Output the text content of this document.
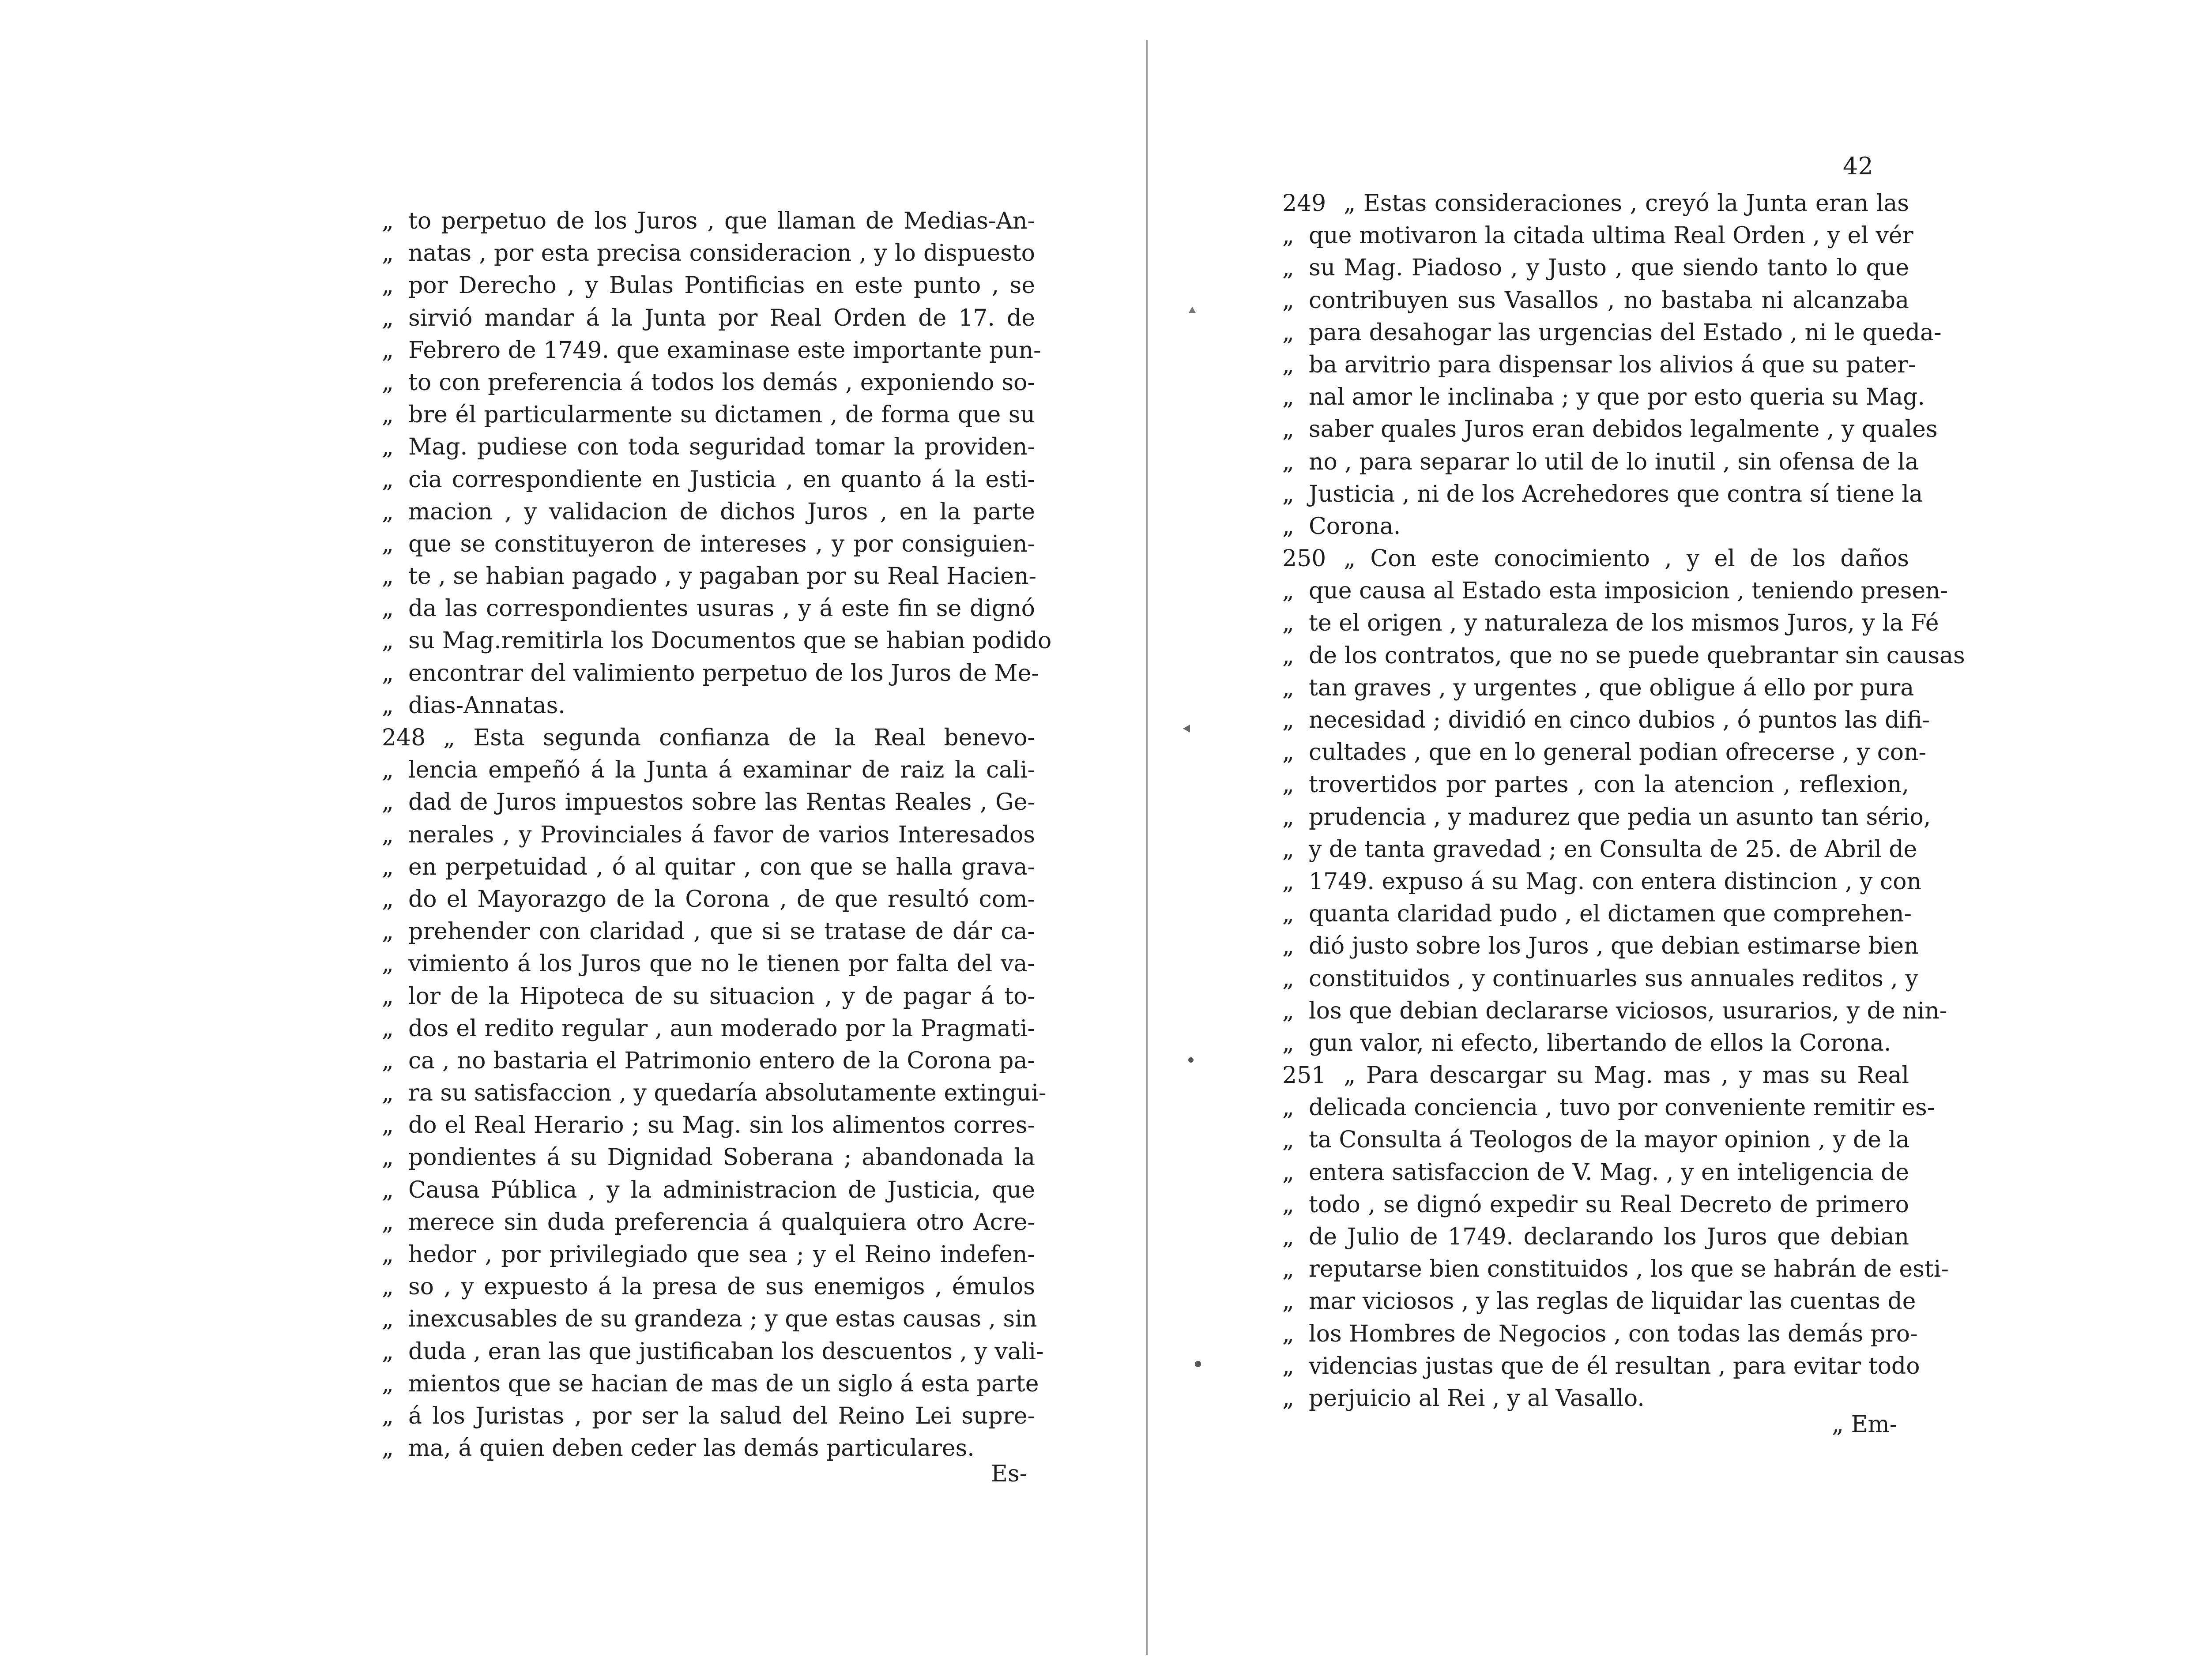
„ to perpetuo de los Juros , que llaman de Medias-An-
„ natas , por esta precisa consideracion , y lo dispuesto
„ por Derecho , y Bulas Pontificias en este punto , se
„ sirvió mandar á la Junta por Real Orden de 17. de
„ Febrero de 1749. que examinase este importante pun-
„ to con preferencia á todos los demás , exponiendo so-
„ bre él particularmente su dictamen , de forma que su
„ Mag. pudiese con toda seguridad tomar la providen-
„ cia correspondiente en Justicia , en quanto á la esti-
„ macion , y validacion de dichos Juros , en la parte
„ que se constituyeron de intereses , y por consiguien-
„ te , se habian pagado , y pagaban por su Real Hacien-
„ da las correspondientes usuras , y á este fin se dignó
„ su Mag.remitirla los Documentos que se habian podido
„ encontrar del valimiento perpetuo de los Juros de Me-
„ dias-Annatas.
248 „ Esta segunda confianza de la Real benevo-
„ lencia empeñó á la Junta á examinar de raiz la cali-
„ dad de Juros impuestos sobre las Rentas Reales , Ge-
„ nerales , y Provinciales á favor de varios Interesados
„ en perpetuidad , ó al quitar , con que se halla grava-
„ do el Mayorazgo de la Corona , de que resultó com-
„ prehender con claridad , que si se tratase de dár ca-
„ vimiento á los Juros que no le tienen por falta del va-
„ lor de la Hipoteca de su situacion , y de pagar á to-
„ dos el redito regular , aun moderado por la Pragmati-
„ ca , no bastaria el Patrimonio entero de la Corona pa-
„ ra su satisfaccion , y quedaría absolutamente extingui-
„ do el Real Herario ; su Mag. sin los alimentos corres-
„ pondientes á su Dignidad Soberana ; abandonada la
„ Causa Pública , y la administracion de Justicia, que
„ merece sin duda preferencia á qualquiera otro Acre-
„ hedor , por privilegiado que sea ; y el Reino indefen-
„ so , y expuesto á la presa de sus enemigos , émulos
„ inexcusables de su grandeza ; y que estas causas , sin
„ duda , eran las que justificaban los descuentos , y vali-
„ mientos que se hacian de mas de un siglo á esta parte
„ á los Juristas , por ser la salud del Reino Lei supre-
„ ma, á quien deben ceder las demás particulares.
Es-
42
249 „ Estas consideraciones , creyó la Junta eran las
„ que motivaron la citada ultima Real Orden , y el vér
„ su Mag. Piadoso , y Justo , que siendo tanto lo que
„ contribuyen sus Vasallos , no bastaba ni alcanzaba
„ para desahogar las urgencias del Estado , ni le queda-
„ ba arvitrio para dispensar los alivios á que su pater-
„ nal amor le inclinaba ; y que por esto queria su Mag.
„ saber quales Juros eran debidos legalmente , y quales
„ no , para separar lo util de lo inutil , sin ofensa de la
„ Justicia , ni de los Acrehedores que contra sí tiene la
„ Corona.
250 „ Con este conocimiento , y el de los daños
„ que causa al Estado esta imposicion , teniendo presen-
„ te el origen , y naturaleza de los mismos Juros, y la Fé
„ de los contratos, que no se puede quebrantar sin causas
„ tan graves , y urgentes , que obligue á ello por pura
„ necesidad ; dividió en cinco dubios , ó puntos las difi-
„ cultades , que en lo general podian ofrecerse , y con-
„ trovertidos por partes , con la atencion , reflexion,
„ prudencia , y madurez que pedia un asunto tan sério,
„ y de tanta gravedad ; en Consulta de 25. de Abril de
„ 1749. expuso á su Mag. con entera distincion , y con
„ quanta claridad pudo , el dictamen que comprehen-
„ dió justo sobre los Juros , que debian estimarse bien
„ constituidos , y continuarles sus annuales reditos , y
„ los que debian declararse viciosos, usurarios, y de nin-
„ gun valor, ni efecto, libertando de ellos la Corona.
251 „ Para descargar su Mag. mas , y mas su Real
„ delicada conciencia , tuvo por conveniente remitir es-
„ ta Consulta á Teologos de la mayor opinion , y de la
„ entera satisfaccion de V. Mag. , y en inteligencia de
„ todo , se dignó expedir su Real Decreto de primero
„ de Julio de 1749. declarando los Juros que debian
„ reputarse bien constituidos , los que se habrán de esti-
„ mar viciosos , y las reglas de liquidar las cuentas de
„ los Hombres de Negocios , con todas las demás pro-
„ videncias justas que de él resultan , para evitar todo
„ perjuicio al Rei , y al Vasallo.
„ Em-
